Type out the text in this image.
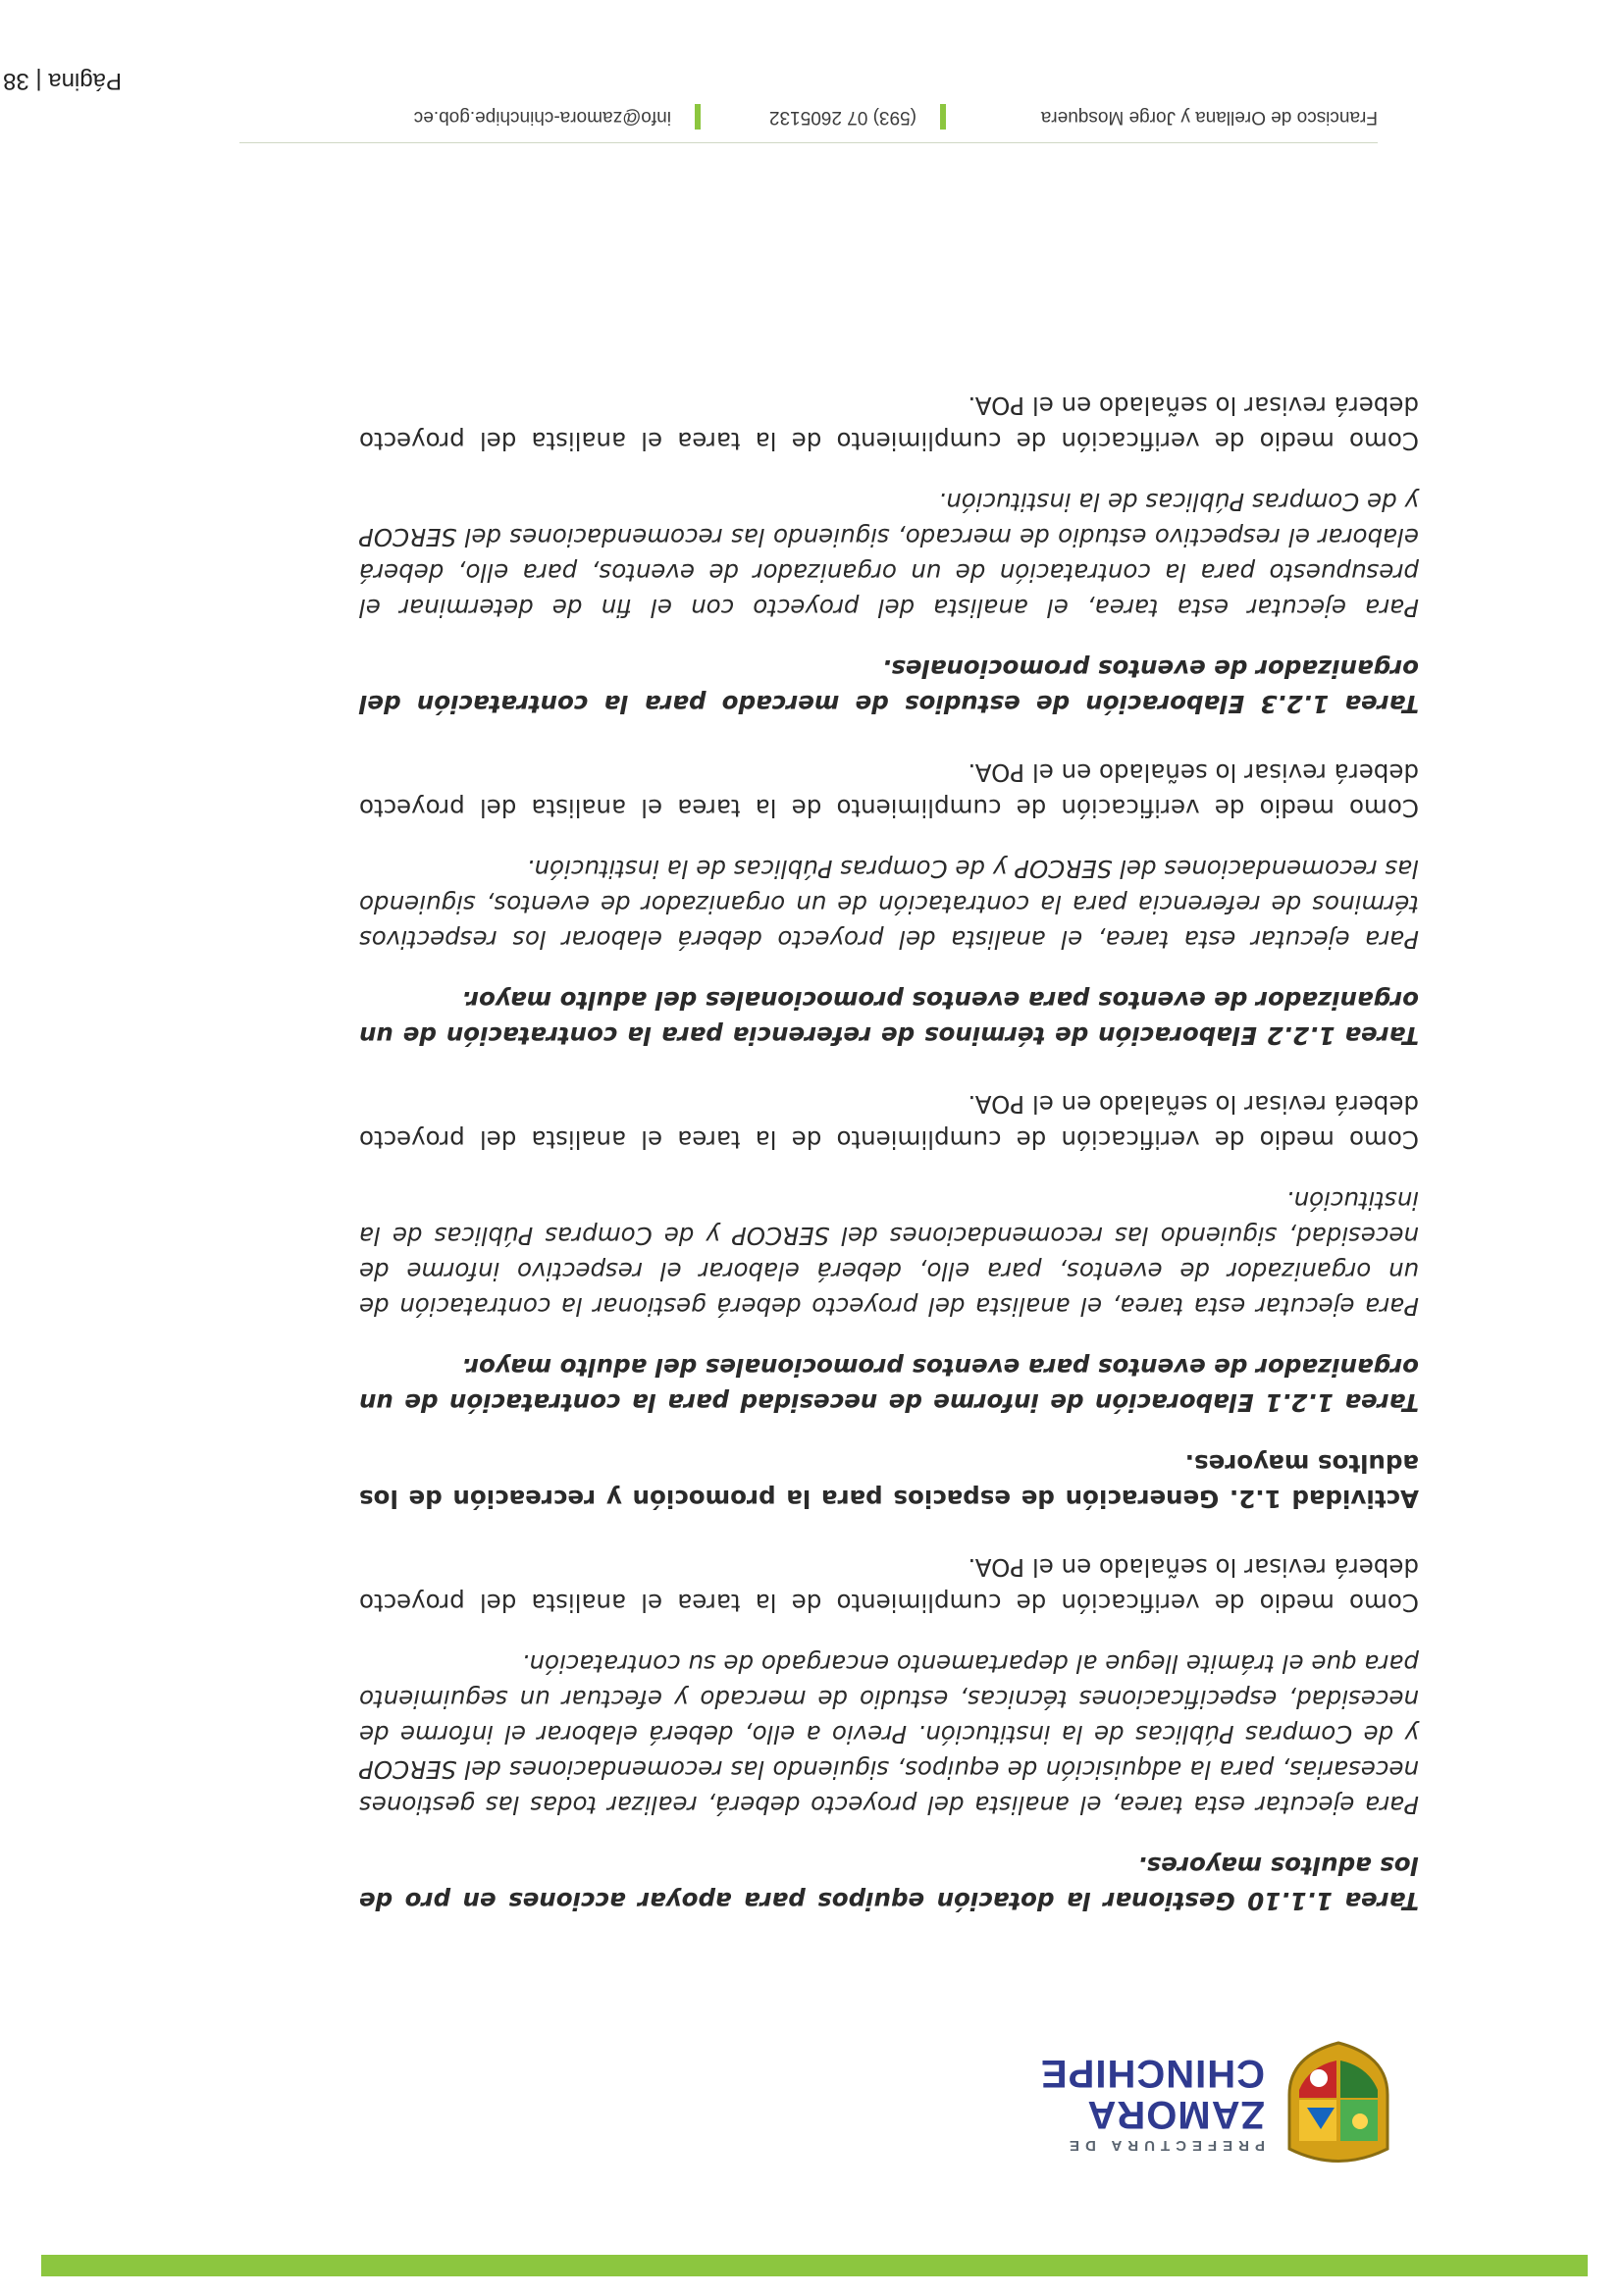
PREFECTURA DE
ZAMORA
CHINCHIPE

Tarea 1.1.10 Gestionar la dotación equipos para apoyar acciones en pro de los adultos mayores.

Para ejecutar esta tarea, el analista del proyecto deberá, realizar todas las gestiones necesarias, para la adquisición de equipos, siguiendo las recomendaciones del SERCOP y de Compras Públicas de la institución. Previo a ello, deberá elaborar el informe de necesidad, especificaciones técnicas, estudio de mercado y efectuar un seguimiento para que el trámite llegue al departamento encargado de su contratación.

Como medio de verificación de cumplimiento de la tarea el analista del proyecto deberá revisar lo señalado en el POA.

Actividad 1.2. Generación de espacios para la promoción y recreación de los adultos mayores.

Tarea 1.2.1 Elaboración de informe de necesidad para la contratación de un organizador de eventos para eventos promocionales del adulto mayor.

Para ejecutar esta tarea, el analista del proyecto deberá gestionar la contratación de un organizador de eventos, para ello, deberá elaborar el respectivo informe de necesidad, siguiendo las recomendaciones del SERCOP y de Compras Públicas de la institución.

Como medio de verificación de cumplimiento de la tarea el analista del proyecto deberá revisar lo señalado en el POA.

Tarea 1.2.2 Elaboración de términos de referencia para la contratación de un organizador de eventos para eventos promocionales del adulto mayor.

Para ejecutar esta tarea, el analista del proyecto deberá elaborar los respectivos términos de referencia para la contratación de un organizador de eventos, siguiendo las recomendaciones del SERCOP y de Compras Públicas de la institución.

Como medio de verificación de cumplimiento de la tarea el analista del proyecto deberá revisar lo señalado en el POA.

Tarea 1.2.3 Elaboración de estudios de mercado para la contratación del organizador de eventos promocionales.

Para ejecutar esta tarea, el analista del proyecto con el fin de determinar el presupuesto para la contratación de un organizador de eventos, para ello, deberá elaborar el respectivo estudio de mercado, siguiendo las recomendaciones del SERCOP y de Compras Públicas de la institución.

Como medio de verificación de cumplimiento de la tarea el analista del proyecto deberá revisar lo señalado en el POA.

Francisco de Orellana y Jorge Mosquera
(593) 07 2605132
info@zamora-chinchipe.gob.ec
Página | 38
